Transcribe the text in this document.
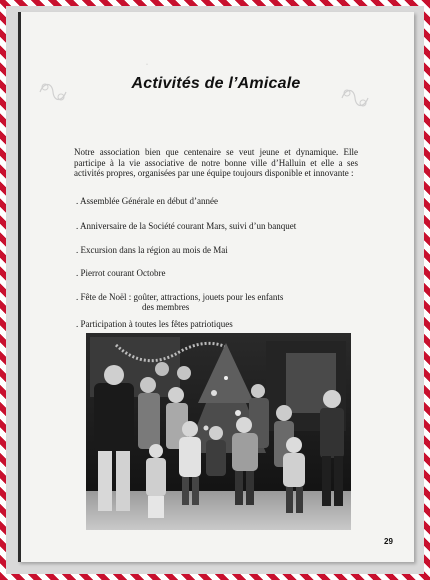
·
Activités de l’Amicale

Notre association bien que centenaire se veut jeune et dynamique. Elle participe à la vie associative de notre bonne ville d’Halluin et elle a ses activités propres, organisées par une équipe toujours disponible et innovante :

. Assemblée Générale en début d’année
. Anniversaire de la Société courant Mars, suivi d’un banquet
. Excursion dans la région au mois de Mai
. Pierrot courant Octobre
. Fête de Noël : goûter, attractions, jouets pour les enfants
des membres
. Participation à toutes les fêtes patriotiques
29
